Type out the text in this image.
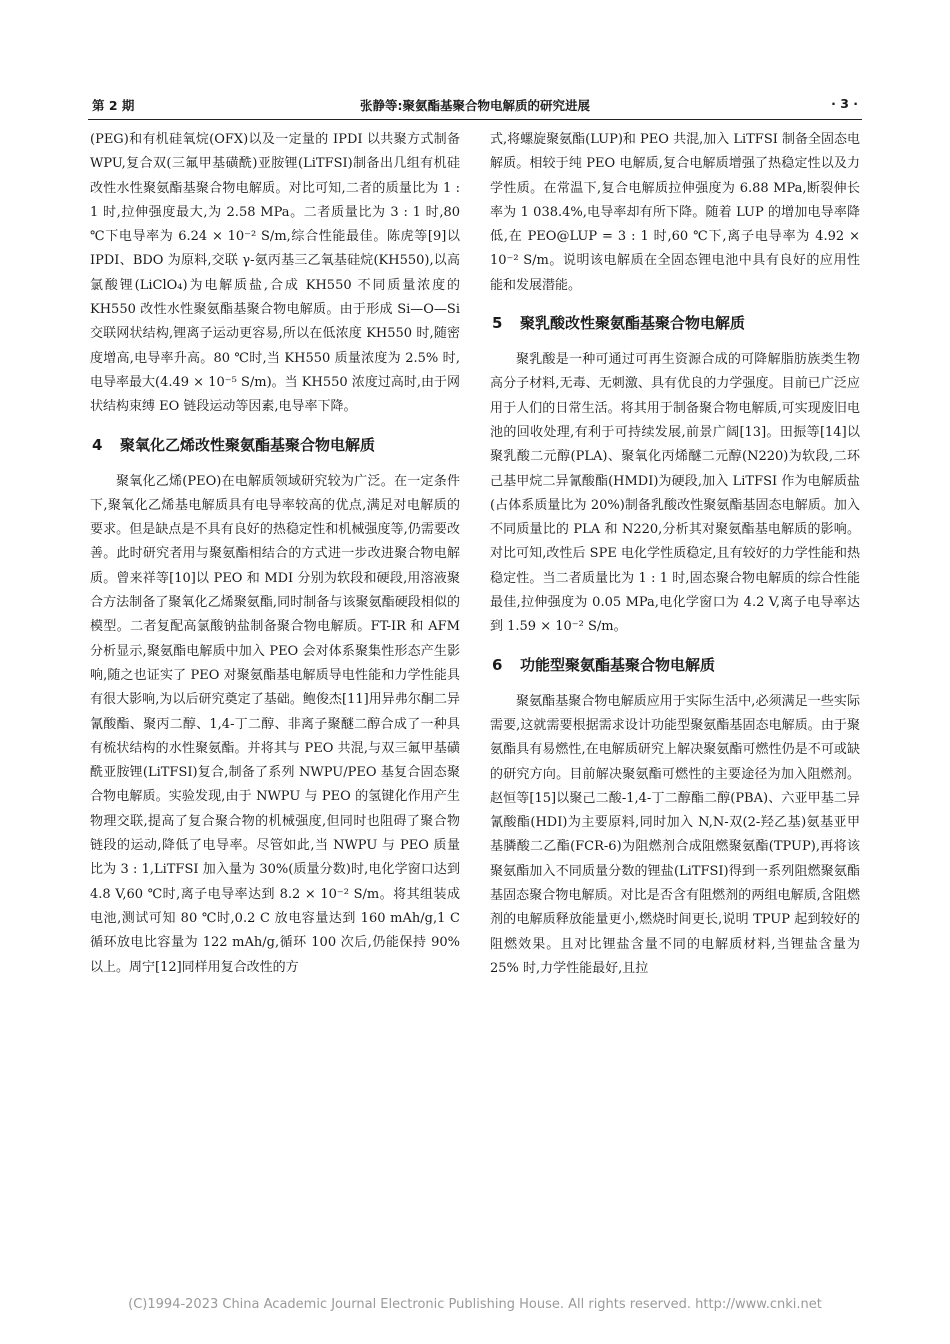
第 2 期	张静等:聚氨酯基聚合物电解质的研究进展	· 3 ·

(PEG)和有机硅氧烷(OFX)以及一定量的 IPDI 以共聚方式制备 WPU,复合双(三氟甲基磺酰)亚胺锂(LiTFSI)制备出几组有机硅改性水性聚氨酯基聚合物电解质。对比可知,二者的质量比为 1 : 1 时,拉伸强度最大,为 2.58 MPa。二者质量比为 3 : 1 时,80 ℃下电导率为 6.24 × 10⁻² S/m,综合性能最佳。陈虎等[9]以 IPDI、BDO 为原料,交联 γ-氨丙基三乙氧基硅烷(KH550),以高氯酸锂(LiClO₄)为电解质盐,合成 KH550 不同质量浓度的 KH550 改性水性聚氨酯基聚合物电解质。由于形成 Si—O—Si 交联网状结构,锂离子运动更容易,所以在低浓度 KH550 时,随密度增高,电导率升高。80 ℃时,当 KH550 质量浓度为 2.5% 时,电导率最大(4.49 × 10⁻⁵ S/m)。当 KH550 浓度过高时,由于网状结构束缚 EO 链段运动等因素,电导率下降。

4 聚氧化乙烯改性聚氨酯基聚合物电解质

聚氧化乙烯(PEO)在电解质领域研究较为广泛。在一定条件下,聚氧化乙烯基电解质具有电导率较高的优点,满足对电解质的要求。但是缺点是不具有良好的热稳定性和机械强度等,仍需要改善。此时研究者用与聚氨酯相结合的方式进一步改进聚合物电解质。曾来祥等[10]以 PEO 和 MDI 分别为软段和硬段,用溶液聚合方法制备了聚氧化乙烯聚氨酯,同时制备与该聚氨酯硬段相似的模型。二者复配高氯酸钠盐制备聚合物电解质。FT-IR 和 AFM 分析显示,聚氨酯电解质中加入 PEO 会对体系聚集性形态产生影响,随之也证实了 PEO 对聚氨酯基电解质导电性能和力学性能具有很大影响,为以后研究奠定了基础。鲍俊杰[11]用异弗尔酮二异氰酸酯、聚丙二醇、1,4-丁二醇、非离子聚醚二醇合成了一种具有梳状结构的水性聚氨酯。并将其与 PEO 共混,与双三氟甲基磺酰亚胺锂(LiTFSI)复合,制备了系列 NWPU/PEO 基复合固态聚合物电解质。实验发现,由于 NWPU 与 PEO 的氢键化作用产生物理交联,提高了复合聚合物的机械强度,但同时也阻碍了聚合物链段的运动,降低了电导率。尽管如此,当 NWPU 与 PEO 质量比为 3 : 1,LiTFSI 加入量为 30%(质量分数)时,电化学窗口达到 4.8 V,60 ℃时,离子电导率达到 8.2 × 10⁻² S/m。将其组装成电池,测试可知 80 ℃时,0.2 C 放电容量达到 160 mAh/g,1 C 循环放电比容量为 122 mAh/g,循环 100 次后,仍能保持 90% 以上。周宁[12]同样用复合改性的方

式,将螺旋聚氨酯(LUP)和 PEO 共混,加入 LiTFSI 制备全固态电解质。相较于纯 PEO 电解质,复合电解质增强了热稳定性以及力学性质。在常温下,复合电解质拉伸强度为 6.88 MPa,断裂伸长率为 1 038.4%,电导率却有所下降。随着 LUP 的增加电导率降低,在 PEO@LUP = 3 : 1 时,60 ℃下,离子电导率为 4.92 × 10⁻² S/m。说明该电解质在全固态锂电池中具有良好的应用性能和发展潜能。

5 聚乳酸改性聚氨酯基聚合物电解质

聚乳酸是一种可通过可再生资源合成的可降解脂肪族类生物高分子材料,无毒、无刺激、具有优良的力学强度。目前已广泛应用于人们的日常生活。将其用于制备聚合物电解质,可实现废旧电池的回收处理,有利于可持续发展,前景广阔[13]。田振等[14]以聚乳酸二元醇(PLA)、聚氧化丙烯醚二元醇(N220)为软段,二环己基甲烷二异氰酸酯(HMDI)为硬段,加入 LiTFSI 作为电解质盐(占体系质量比为 20%)制备乳酸改性聚氨酯基固态电解质。加入不同质量比的 PLA 和 N220,分析其对聚氨酯基电解质的影响。对比可知,改性后 SPE 电化学性质稳定,且有较好的力学性能和热稳定性。当二者质量比为 1 : 1 时,固态聚合物电解质的综合性能最佳,拉伸强度为 0.05 MPa,电化学窗口为 4.2 V,离子电导率达到 1.59 × 10⁻² S/m。

6 功能型聚氨酯基聚合物电解质

聚氨酯基聚合物电解质应用于实际生活中,必须满足一些实际需要,这就需要根据需求设计功能型聚氨酯基固态电解质。由于聚氨酯具有易燃性,在电解质研究上解决聚氨酯可燃性仍是不可或缺的研究方向。目前解决聚氨酯可燃性的主要途径为加入阻燃剂。赵恒等[15]以聚己二酸-1,4-丁二醇酯二醇(PBA)、六亚甲基二异氰酸酯(HDI)为主要原料,同时加入 N,N-双(2-羟乙基)氨基亚甲基膦酸二乙酯(FCR-6)为阻燃剂合成阻燃聚氨酯(TPUP),再将该聚氨酯加入不同质量分数的锂盐(LiTFSI)得到一系列阻燃聚氨酯基固态聚合物电解质。对比是否含有阻燃剂的两组电解质,含阻燃剂的电解质释放能量更小,燃烧时间更长,说明 TPUP 起到较好的阻燃效果。且对比锂盐含量不同的电解质材料,当锂盐含量为 25% 时,力学性能最好,且拉

(C)1994-2023 China Academic Journal Electronic Publishing House. All rights reserved. http://www.cnki.net
